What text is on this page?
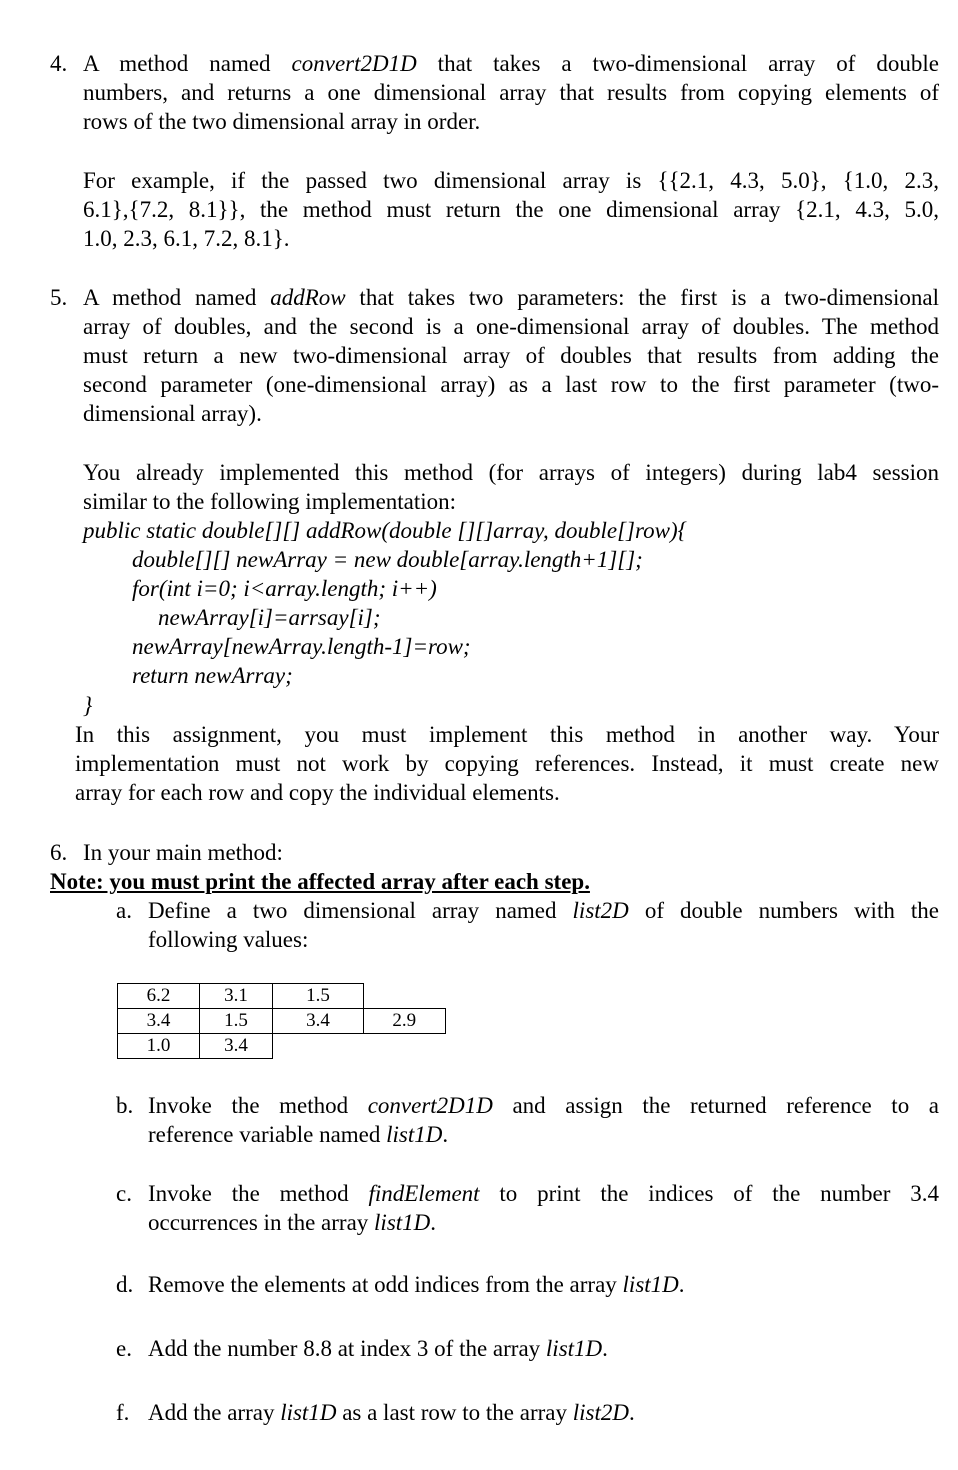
4. A method named convert2D1D that takes a two-dimensional array of double
numbers, and returns a one dimensional array that results from copying elements of
rows of the two dimensional array in order.
For example, if the passed two dimensional array is {{2.1, 4.3, 5.0}, {1.0, 2.3,
6.1},{7.2, 8.1}}, the method must return the one dimensional array {2.1, 4.3, 5.0,
1.0, 2.3, 6.1, 7.2, 8.1}.
5. A method named addRow that takes two parameters: the first is a two-dimensional
array of doubles, and the second is a one-dimensional array of doubles. The method
must return a new two-dimensional array of doubles that results from adding the
second parameter (one-dimensional array) as a last row to the first parameter (two-
dimensional array).
You already implemented this method (for arrays of integers) during lab4 session
similar to the following implementation:
public static double[][] addRow(double [][]array, double[]row){
double[][] newArray = new double[array.length+1][];
for(int i=0; i<array.length; i++)
newArray[i]=arrsay[i];
newArray[newArray.length-1]=row;
return newArray;
}
In this assignment, you must implement this method in another way. Your
implementation must not work by copying references. Instead, it must create new
array for each row and copy the individual elements.
6. In your main method:
Note: you must print the affected array after each step.
a. Define a two dimensional array named list2D of double numbers with the
following values:
6.2	3.1	1.5	
3.4	1.5	3.4	2.9
1.0	3.4		
b. Invoke the method convert2D1D and assign the returned reference to a
reference variable named list1D.
c. Invoke the method findElement to print the indices of the number 3.4
occurrences in the array list1D.
d. Remove the elements at odd indices from the array list1D.
e. Add the number 8.8 at index 3 of the array list1D.
f. Add the array list1D as a last row to the array list2D.
